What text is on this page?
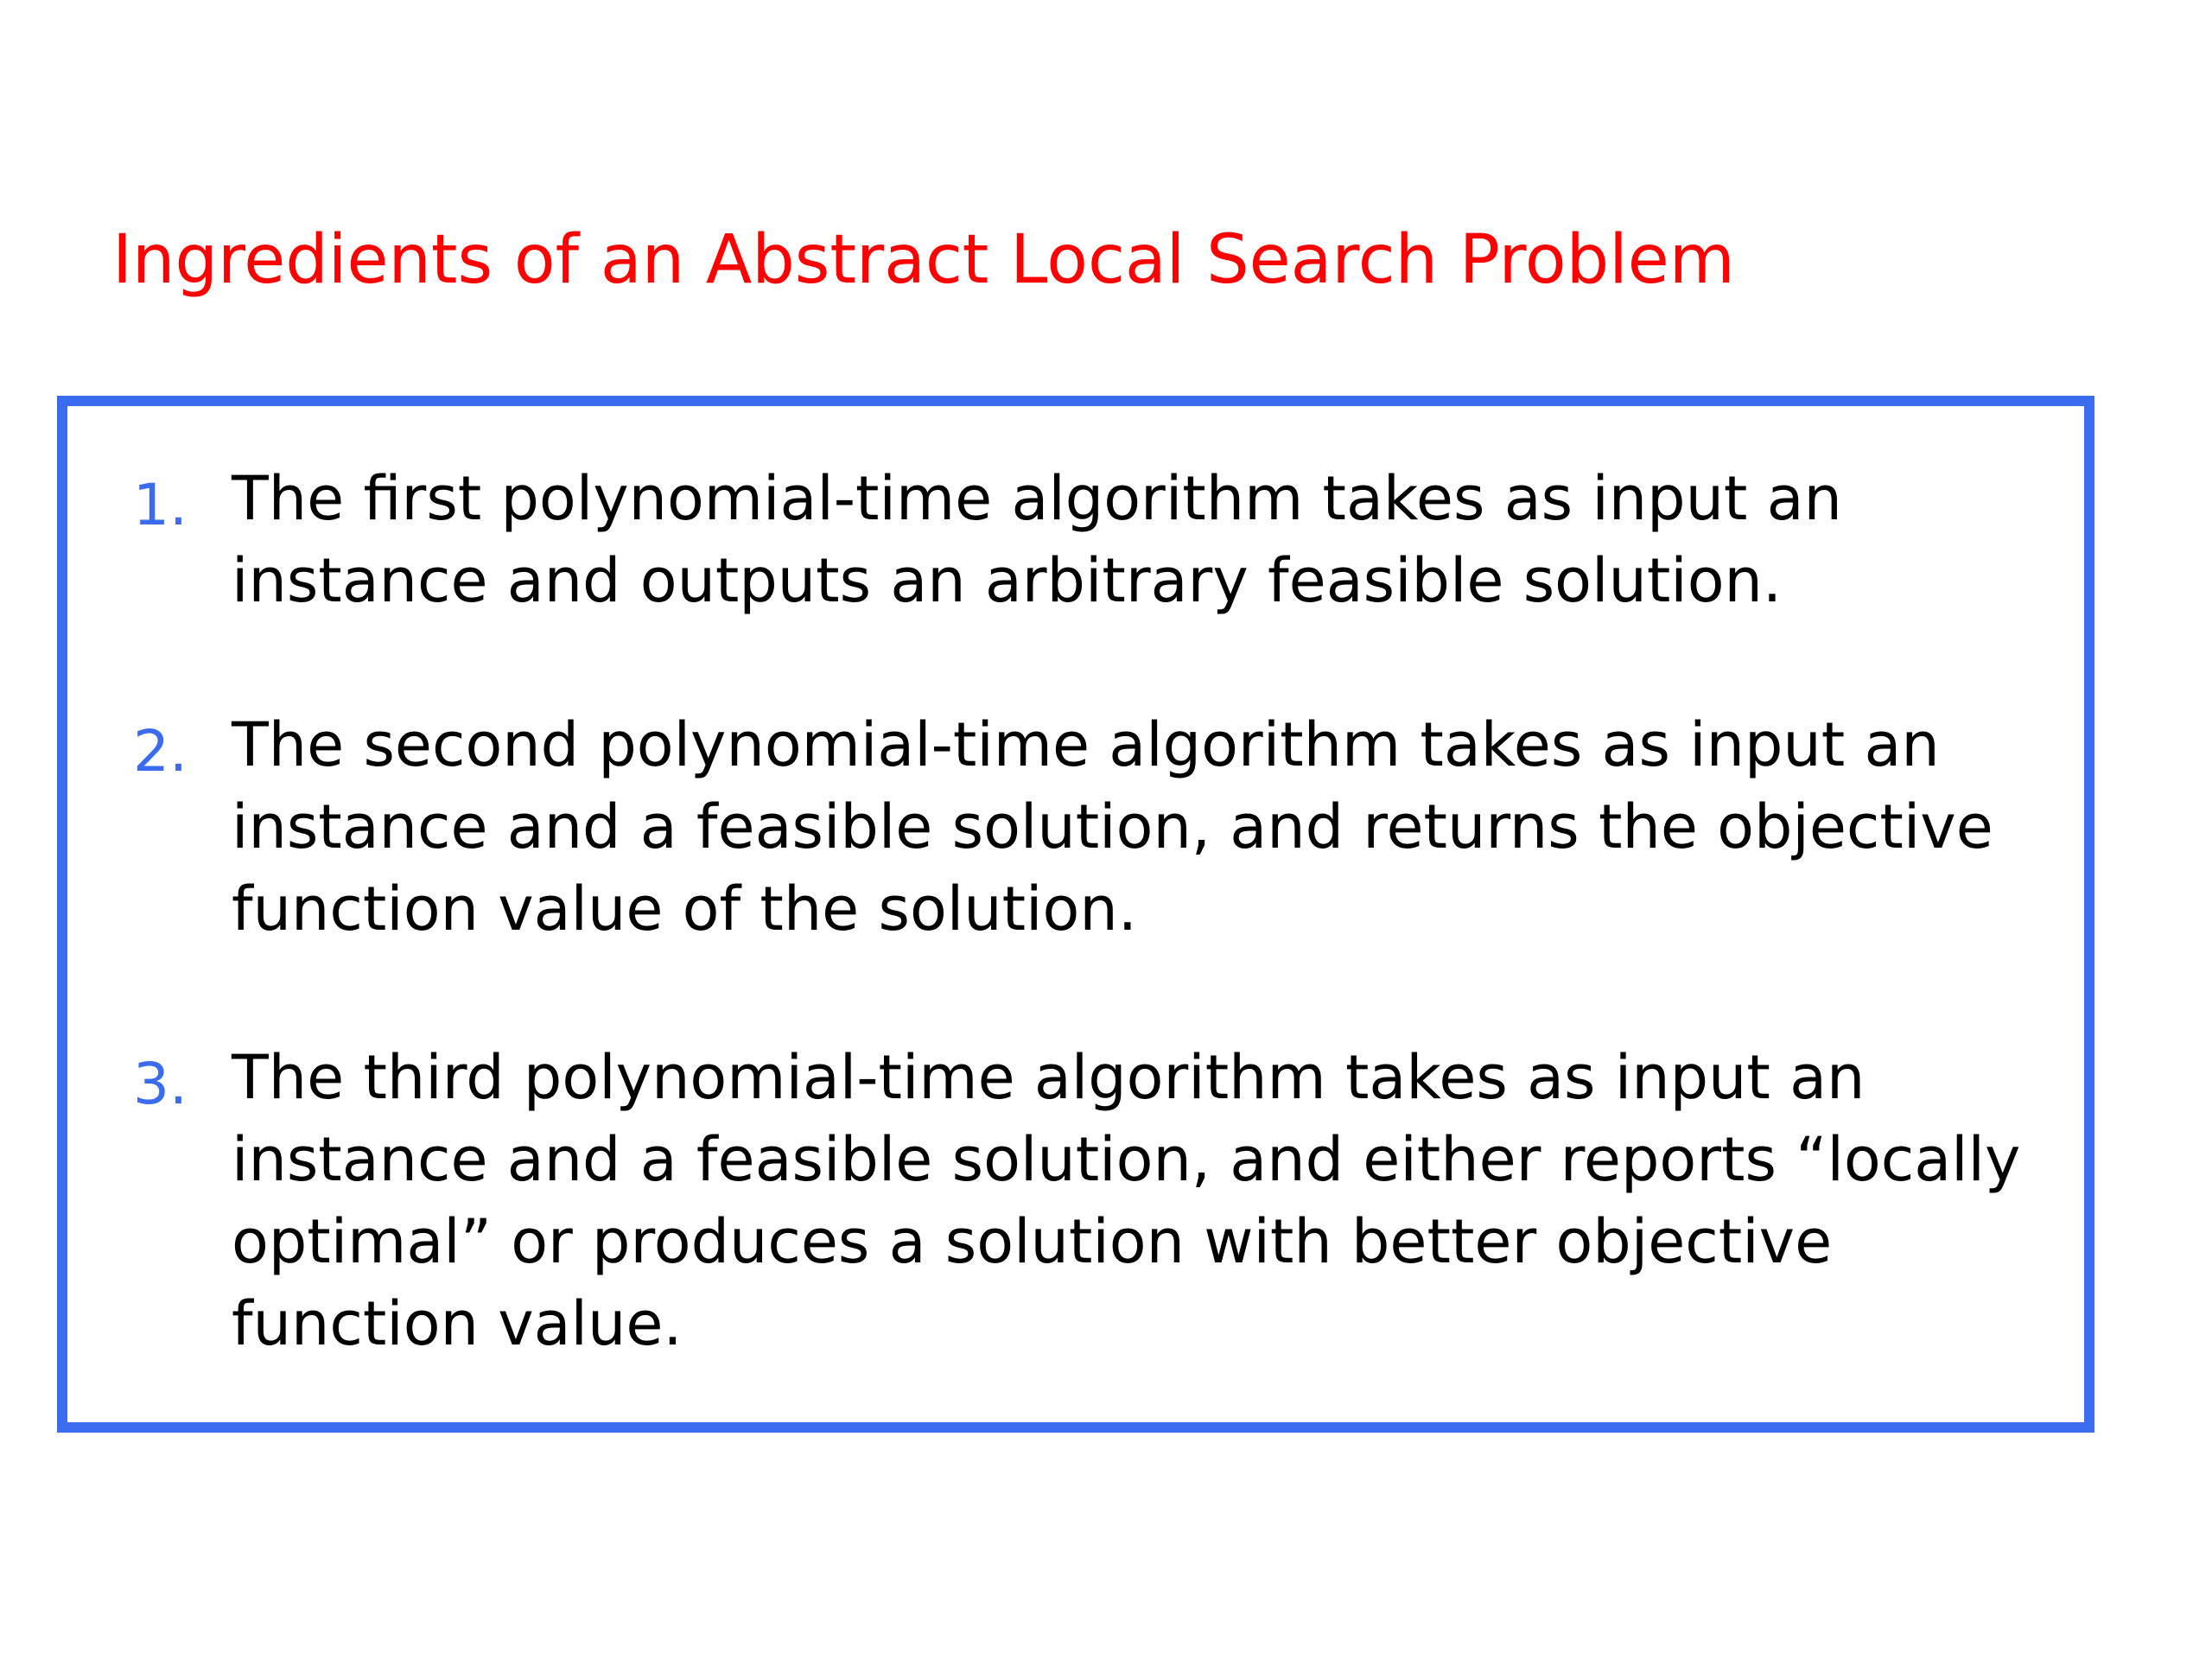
Ingredients of an Abstract Local Search Problem
1. The first polynomial-time algorithm takes as input an instance and outputs an arbitrary feasible solution.

2. The second polynomial-time algorithm takes as input an instance and a feasible solution, and returns the objective function value of the solution.

3. The third polynomial-time algorithm takes as input an instance and a feasible solution, and either reports “locally optimal” or produces a solution with better objective function value.
